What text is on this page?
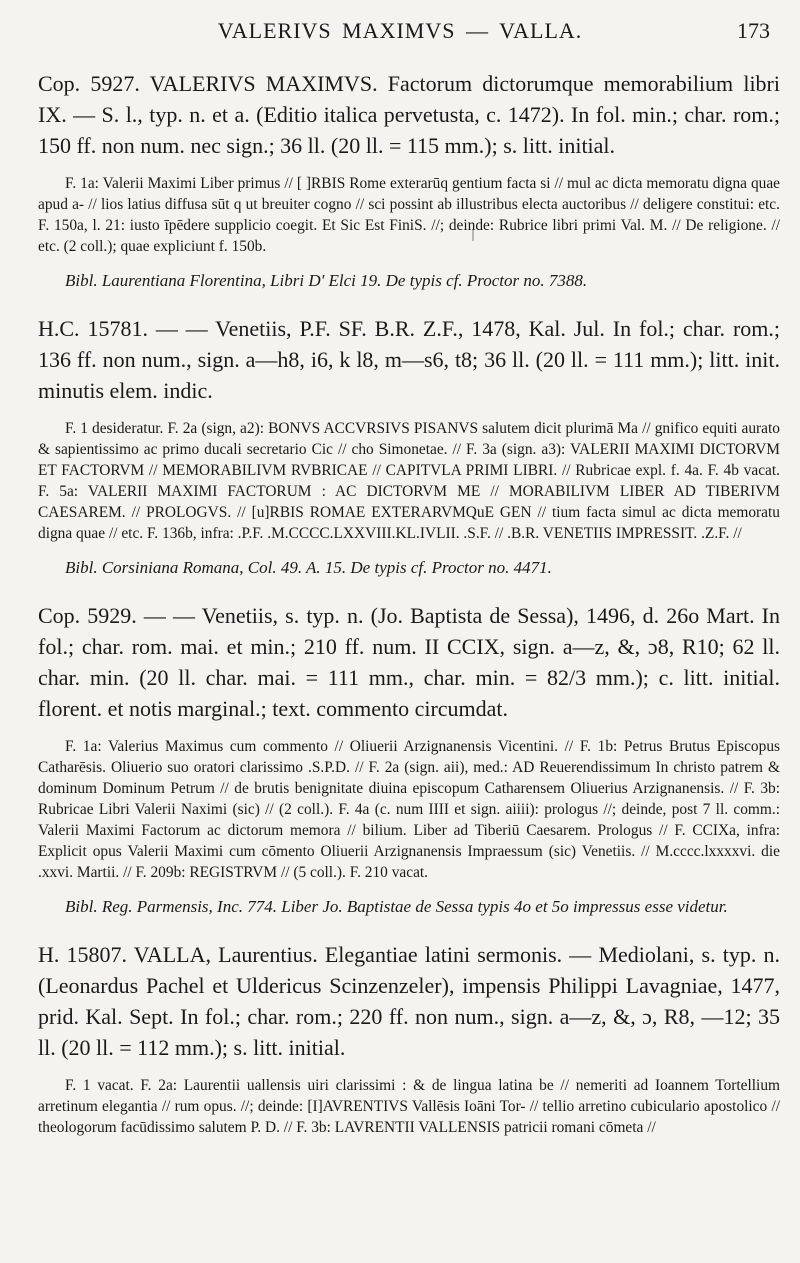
VALERIVS MAXIMVS — VALLA.	173
Cop. 5927. VALERIVS MAXIMVS. Factorum dictorumque memorabilium libri IX. — S. l., typ. n. et a. (Editio italica pervetusta, c. 1472). In fol. min.; char. rom.; 150 ff. non num. nec sign.; 36 ll. (20 ll. = 115 mm.); s. litt. initial.
F. 1a: Valerii Maximi Liber primus // [ ]RBIS Rome exterarūq gentium facta si // mul ac dicta memoratu digna quae apud a- // lios latius diffusa sūt q ut breuiter cogno // sci possint ab illustribus electa auctoribus // deligere constitui: etc. F. 150a, l. 21: iusto īpēdere supplicio coegit. Et Sic Est FiniS. //; deinde: Rubrice libri primi Val. M. // De religione. // etc. (2 coll.); quae expliciunt f. 150b.
Bibl. Laurentiana Florentina, Libri D' Elci 19. De typis cf. Proctor no. 7388.
H.C. 15781. — — Venetiis, P.F. SF. B.R. Z.F., 1478, Kal. Jul. In fol.; char. rom.; 136 ff. non num., sign. a—h8, i6, k l8, m—s6, t8; 36 ll. (20 ll. = 111 mm.); litt. init. minutis elem. indic.
F. 1 desideratur. F. 2a (sign, a2): BONVS ACCVRSIVS PISANVS salutem dicit plurimā Ma // gnifico equiti aurato & sapientissimo ac primo ducali secretario Cic // cho Simonetae. // F. 3a (sign. a3): VALERII MAXIMI DICTORVM ET FACTORVM // MEMORABILIVM RVBRICAE // CAPITVLA PRIMI LIBRI. // Rubricae expl. f. 4a. F. 4b vacat. F. 5a: VALERII MAXIMI FACTORUM : AC DICTORVM ME // MORABILIVM LIBER AD TIBERIVM CAESAREM. // PROLOGVS. // [u]RBIS ROMAE EXTERARVMQuE GEN // tium facta simul ac dicta memoratu digna quae // etc. F. 136b, infra: .P.F. .M.CCCC.LXXVIII.KL.IVLII. .S.F. // .B.R. VENETIIS IMPRESSIT. .Z.F. //
Bibl. Corsiniana Romana, Col. 49. A. 15. De typis cf. Proctor no. 4471.
Cop. 5929. — — Venetiis, s. typ. n. (Jo. Baptista de Sessa), 1496, d. 26o Mart. In fol.; char. rom. mai. et min.; 210 ff. num. II CCIX, sign. a—z, &, ɔ8, R10; 62 ll. char. min. (20 ll. char. mai. = 111 mm., char. min. = 82/3 mm.); c. litt. initial. florent. et notis marginal.; text. commento circumdat.
F. 1a: Valerius Maximus cum commento // Oliuerii Arzignanensis Vicentini. // F. 1b: Petrus Brutus Episcopus Catharēsis. Oliuerio suo oratori clarissimo .S.P.D. // F. 2a (sign. aii), med.: AD Reuerendissimum In christo patrem & dominum Dominum Petrum // de brutis benignitate diuina episcopum Catharensem Oliuerius Arzignanensis. // F. 3b: Rubricae Libri Valerii Naximi (sic) // (2 coll.). F. 4a (c. num IIII et sign. aiiii): prologus //; deinde, post 7 ll. comm.: Valerii Maximi Factorum ac dictorum memora // bilium. Liber ad Tiberiū Caesarem. Prologus // F. CCIXa, infra: Explicit opus Valerii Maximi cum cōmento Oliuerii Arzignanensis Impraessum (sic) Venetiis. // M.cccc.lxxxxvi. die .xxvi. Martii. // F. 209b: REGISTRVM // (5 coll.). F. 210 vacat.
Bibl. Reg. Parmensis, Inc. 774. Liber Jo. Baptistae de Sessa typis 4o et 5o impressus esse videtur.
H. 15807. VALLA, Laurentius. Elegantiae latini sermonis. — Mediolani, s. typ. n. (Leonardus Pachel et Uldericus Scinzenzeler), impensis Philippi Lavagniae, 1477, prid. Kal. Sept. In fol.; char. rom.; 220 ff. non num., sign. a—z, &, ɔ, R8, —12; 35 ll. (20 ll. = 112 mm.); s. litt. initial.
F. 1 vacat. F. 2a: Laurentii uallensis uiri clarissimi : & de lingua latina be // nemeriti ad Ioannem Tortellium arretinum elegantia // rum opus. //; deinde: [I]AVRENTIVS Vallēsis Ioāni Tor- // tellio arretino cubiculario apostolico // theologorum facūdissimo salutem P. D. // F. 3b: LAVRENTII VALLENSIS patricii romani cōmeta //
